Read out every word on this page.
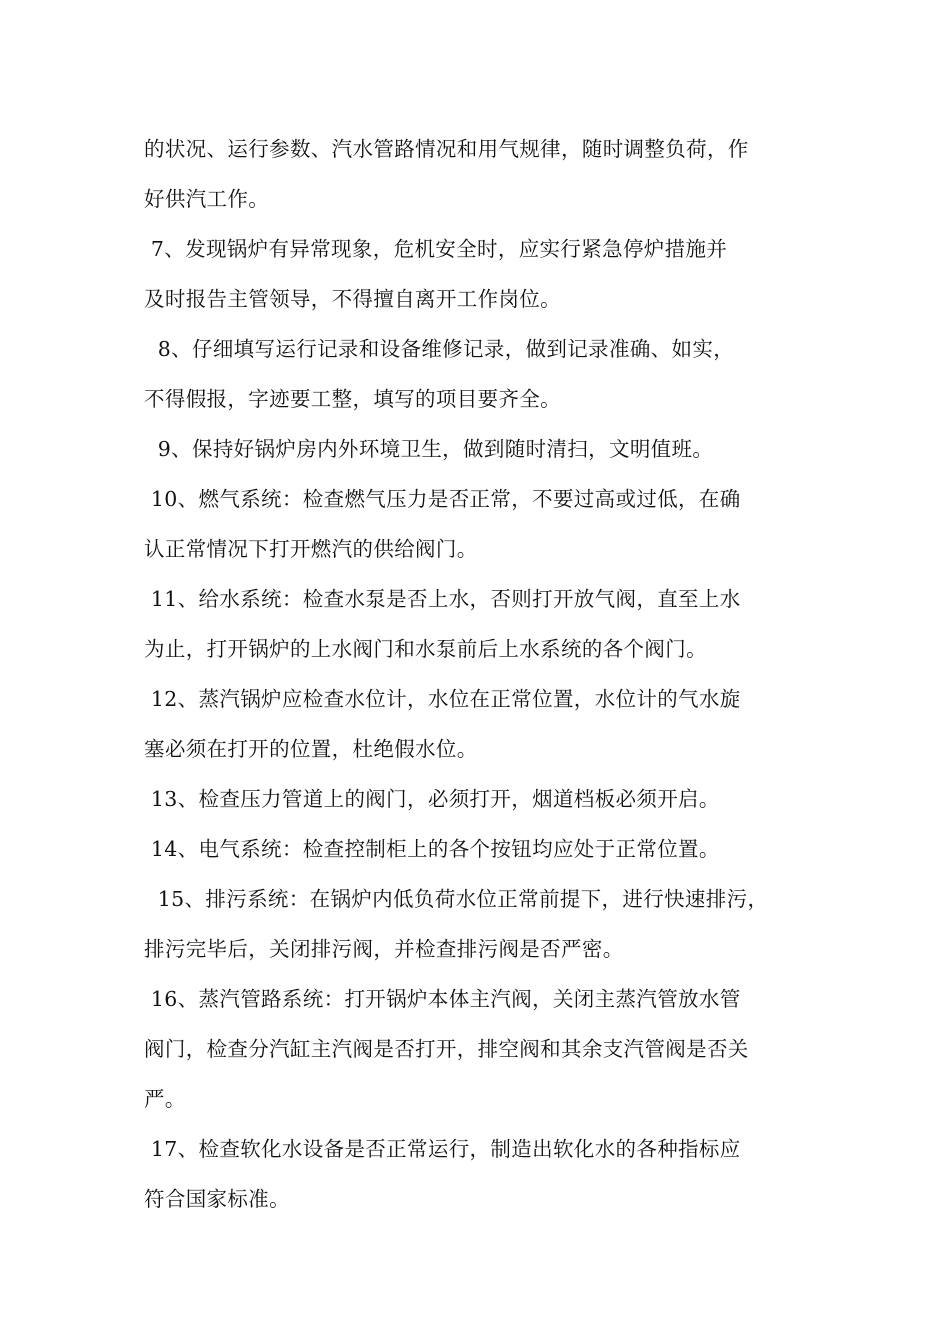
的状况、运行参数、汽水管路情况和用气规律，随时调整负荷，作
好供汽工作。
7、发现锅炉有异常现象，危机安全时，应实行紧急停炉措施并
及时报告主管领导，不得擅自离开工作岗位。
8、仔细填写运行记录和设备维修记录，做到记录准确、如实，
不得假报，字迹要工整，填写的项目要齐全。
9、保持好锅炉房内外环境卫生，做到随时清扫，文明值班。
10、燃气系统：检查燃气压力是否正常，不要过高或过低，在确
认正常情况下打开燃汽的供给阀门。
11、给水系统：检查水泵是否上水，否则打开放气阀，直至上水
为止，打开锅炉的上水阀门和水泵前后上水系统的各个阀门。
12、蒸汽锅炉应检查水位计，水位在正常位置，水位计的气水旋
塞必须在打开的位置，杜绝假水位。
13、检查压力管道上的阀门，必须打开，烟道档板必须开启。
14、电气系统：检查控制柜上的各个按钮均应处于正常位置。
15、排污系统：在锅炉内低负荷水位正常前提下，进行快速排污，
排污完毕后，关闭排污阀，并检查排污阀是否严密。
16、蒸汽管路系统：打开锅炉本体主汽阀，关闭主蒸汽管放水管
阀门，检查分汽缸主汽阀是否打开，排空阀和其余支汽管阀是否关
严。
17、检查软化水设备是否正常运行，制造出软化水的各种指标应
符合国家标准。
